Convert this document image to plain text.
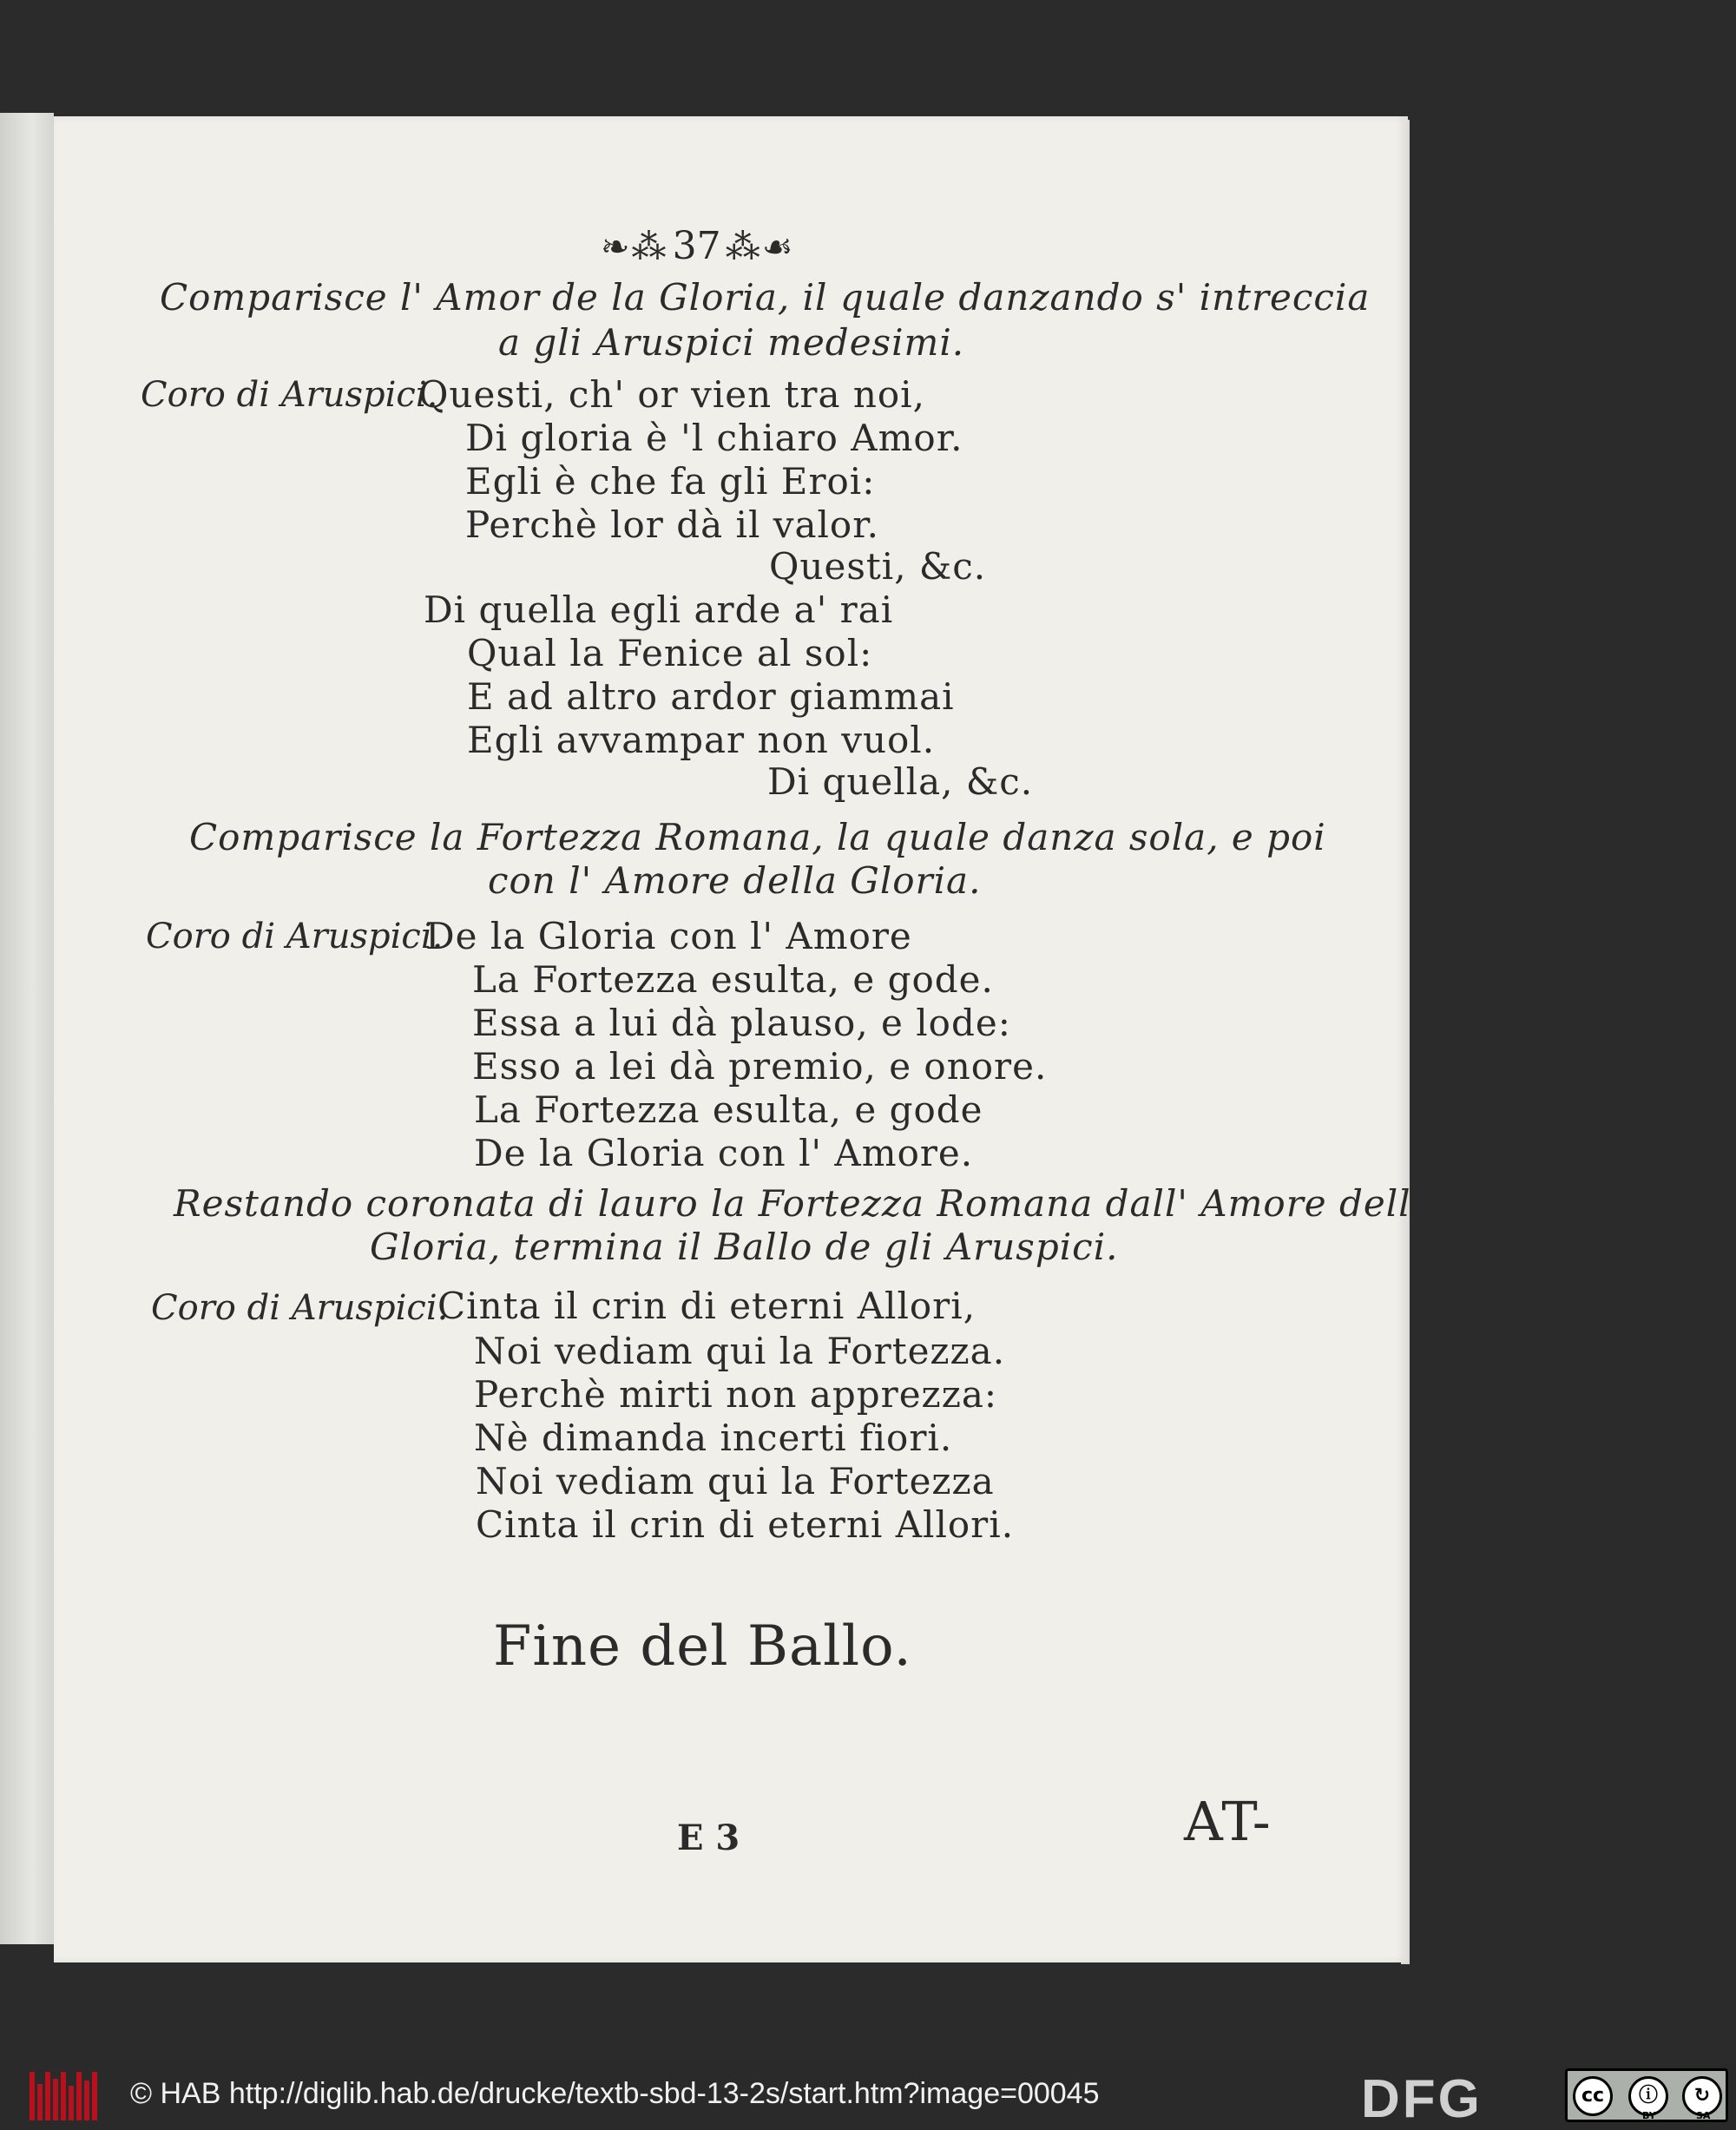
❧⁂ 37 ⁂☙
Comparisce l' Amor de la Gloria, il quale danzando s' intreccia
a gli Aruspici medesimi.
Coro di Aruspici.
Questi, ch' or vien tra noi,
Di gloria è 'l chiaro Amor.
Egli è che fa gli Eroi:
Perchè lor dà il valor.
Questi, &c.
Di quella egli arde a' rai
Qual la Fenice al sol:
E ad altro ardor giammai
Egli avvampar non vuol.
Di quella, &c.
Comparisce la Fortezza Romana, la quale danza sola, e poi
con l' Amore della Gloria.
Coro di Aruspici.
De la Gloria con l' Amore
La Fortezza esulta, e gode.
Essa a lui dà plauso, e lode:
Esso a lei dà premio, e onore.
La Fortezza esulta, e gode
De la Gloria con l' Amore.
Restando coronata di lauro la Fortezza Romana dall' Amore della
Gloria, termina il Ballo de gli Aruspici.
Coro di Aruspici.
Cinta il crin di eterni Allori,
Noi vediam qui la Fortezza.
Perchè mirti non apprezza:
Nè dimanda incerti fiori.
Noi vediam qui la Fortezza
Cinta il crin di eterni Allori.
Fine del Ballo.
E 3	AT-
© HAB http://diglib.hab.de/drucke/textb-sbd-13-2s/start.htm?image=00045	DFG	cc	ⓘ	↻
BY	SA
